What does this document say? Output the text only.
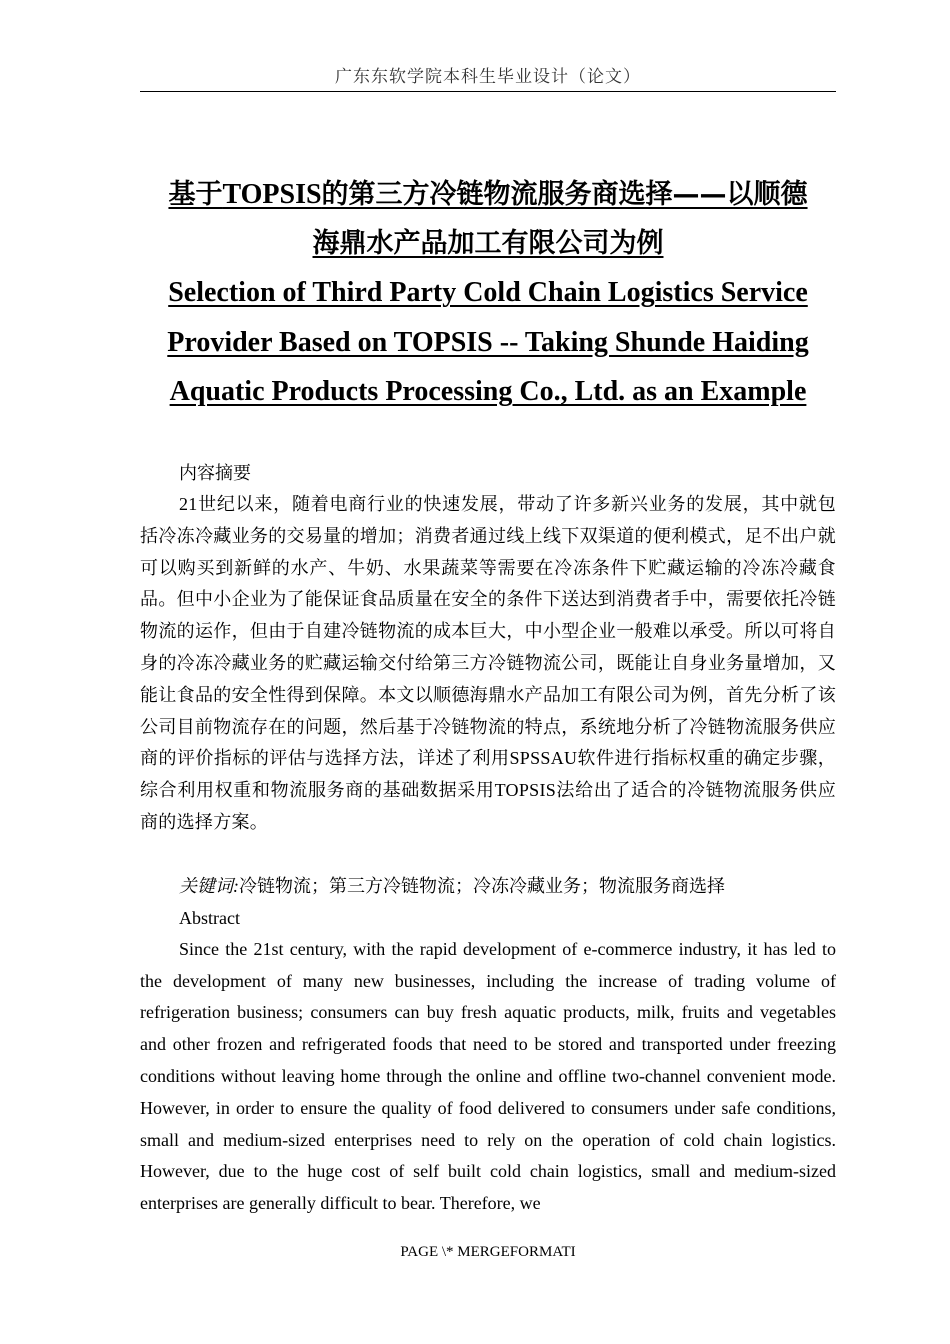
广东东软学院本科生毕业设计（论文）

基于TOPSIS的第三方冷链物流服务商选择——以顺德

海鼎水产品加工有限公司为例

Selection of Third Party Cold Chain Logistics Service

Provider Based on TOPSIS -- Taking Shunde Haiding

Aquatic Products Processing Co., Ltd. as an Example

内容摘要

21世纪以来，随着电商行业的快速发展，带动了许多新兴业务的发展，其中就包括冷冻冷藏业务的交易量的增加；消费者通过线上线下双渠道的便利模式，足不出户就可以购买到新鲜的水产、牛奶、水果蔬菜等需要在冷冻条件下贮藏运输的冷冻冷藏食品。但中小企业为了能保证食品质量在安全的条件下送达到消费者手中，需要依托冷链物流的运作，但由于自建冷链物流的成本巨大，中小型企业一般难以承受。所以可将自身的冷冻冷藏业务的贮藏运输交付给第三方冷链物流公司，既能让自身业务量增加，又能让食品的安全性得到保障。本文以顺德海鼎水产品加工有限公司为例，首先分析了该公司目前物流存在的问题，然后基于冷链物流的特点，系统地分析了冷链物流服务供应商的评价指标的评估与选择方法，详述了利用SPSSAU软件进行指标权重的确定步骤，综合利用权重和物流服务商的基础数据采用TOPSIS法给出了适合的冷链物流服务供应商的选择方案。

关键词:冷链物流；第三方冷链物流；冷冻冷藏业务；物流服务商选择

Abstract

Since the 21st century, with the rapid development of e-commerce industry, it has led to the development of many new businesses, including the increase of trading volume of refrigeration business; consumers can buy fresh aquatic products, milk, fruits and vegetables and other frozen and refrigerated foods that need to be stored and transported under freezing conditions without leaving home through the online and offline two-channel convenient mode. However, in order to ensure the quality of food delivered to consumers under safe conditions, small and medium-sized enterprises need to rely on the operation of cold chain logistics. However, due to the huge cost of self built cold chain logistics, small and medium-sized enterprises are generally difficult to bear. Therefore, we

PAGE \* MERGEFORMATI
